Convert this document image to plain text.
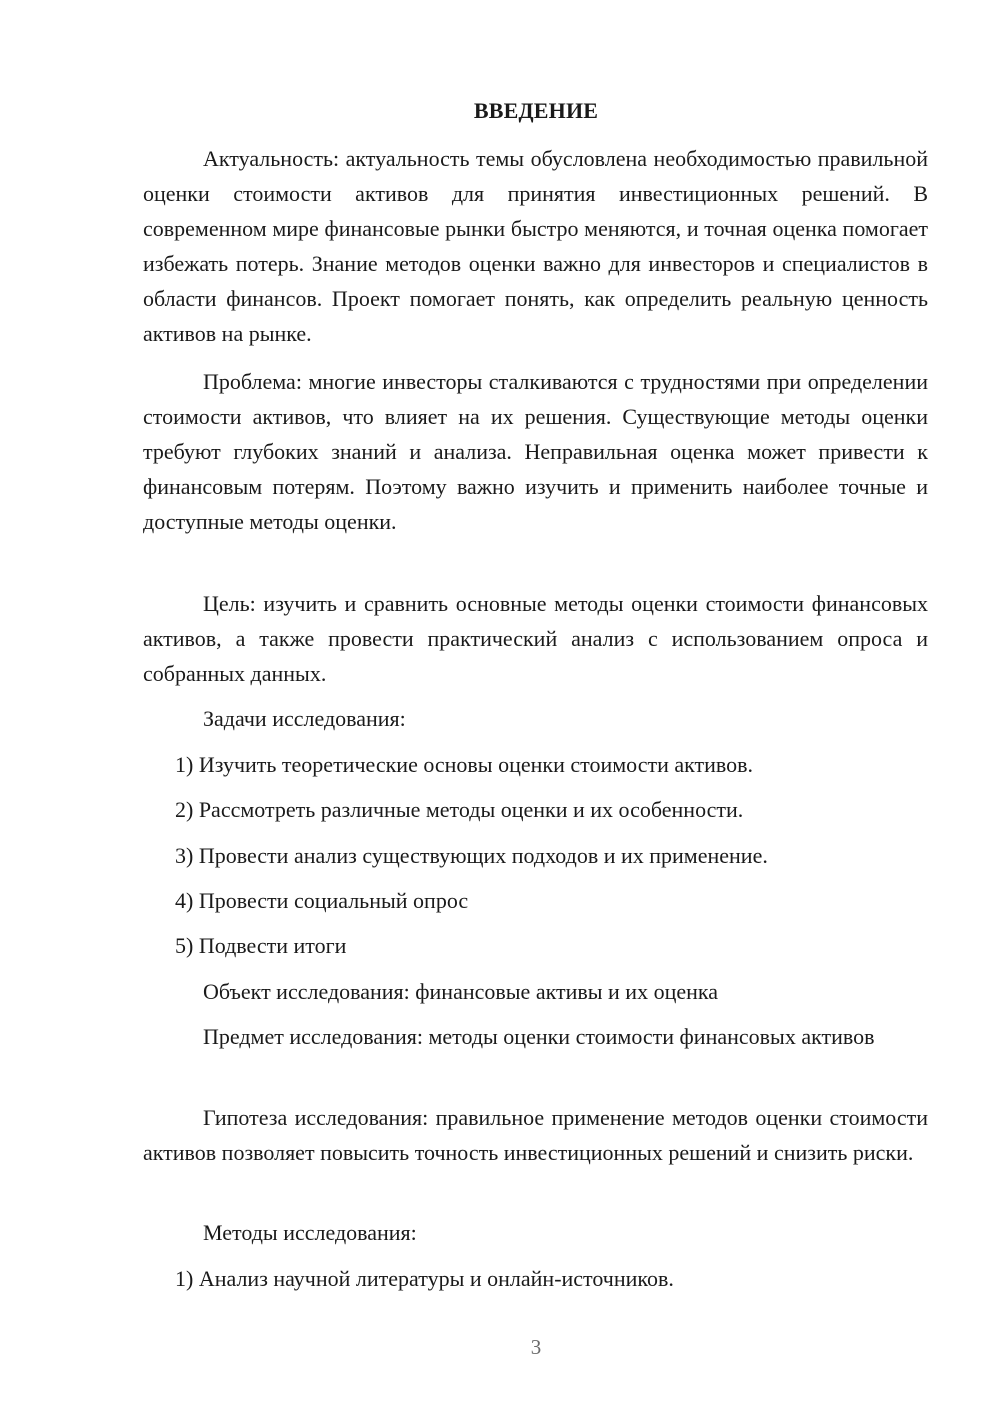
ВВЕДЕНИЕ

Актуальность: актуальность темы обусловлена необходимостью правильной оценки стоимости активов для принятия инвестиционных решений. В современном мире финансовые рынки быстро меняются, и точная оценка помогает избежать потерь. Знание методов оценки важно для инвесторов и специалистов в области финансов. Проект помогает понять, как определить реальную ценность активов на рынке.

Проблема: многие инвесторы сталкиваются с трудностями при определении стоимости активов, что влияет на их решения. Существующие методы оценки требуют глубоких знаний и анализа. Неправильная оценка может привести к финансовым потерям. Поэтому важно изучить и применить наиболее точные и доступные методы оценки.

Цель: изучить и сравнить основные методы оценки стоимости финансовых активов, а также провести практический анализ с использованием опроса и собранных данных.

Задачи исследования:
1) Изучить теоретические основы оценки стоимости активов.
2) Рассмотреть различные методы оценки и их особенности.
3) Провести анализ существующих подходов и их применение.
4) Провести социальный опрос
5) Подвести итоги
Объект исследования: финансовые активы и их оценка

Предмет исследования: методы оценки стоимости финансовых активов

Гипотеза исследования: правильное применение методов оценки стоимости активов позволяет повысить точность инвестиционных решений и снизить риски.

Методы исследования:
1) Анализ научной литературы и онлайн-источников.
3
